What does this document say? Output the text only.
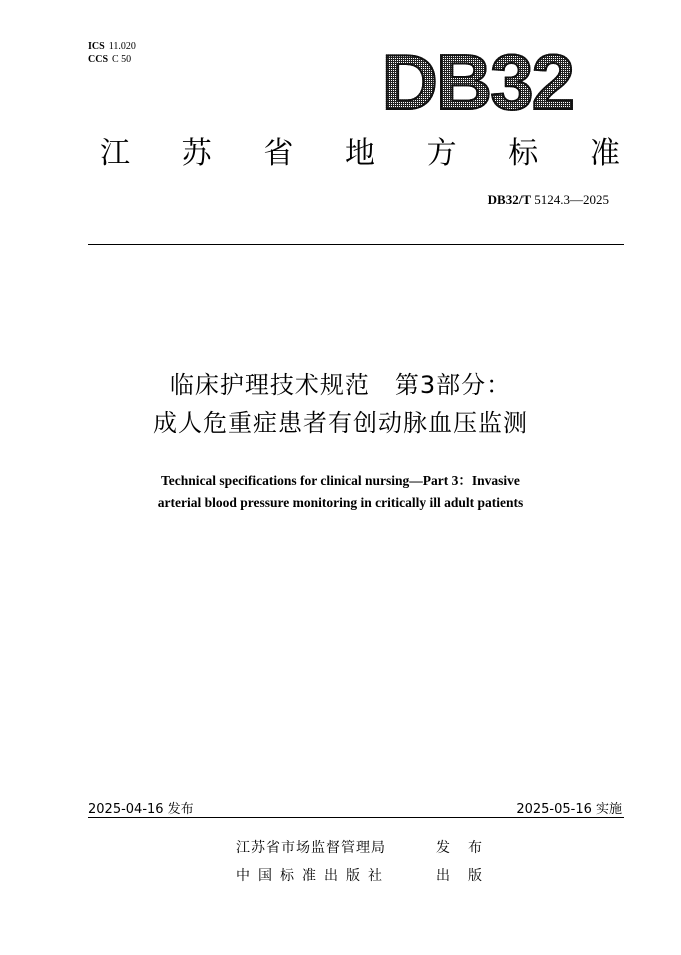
ICS 11.020
CCS C 50	DB32
江 苏 省 地 方 标 准
DB32/T 5124.3—2025
临床护理技术规范　第3部分：
成人危重症患者有创动脉血压监测
Technical specifications for clinical nursing—Part 3：Invasive
arterial blood pressure monitoring in critically ill adult patients
2025-04-16 发布	2025-05-16 实施
江苏省市场监督管理局	发布
中国标准出版社	出版
